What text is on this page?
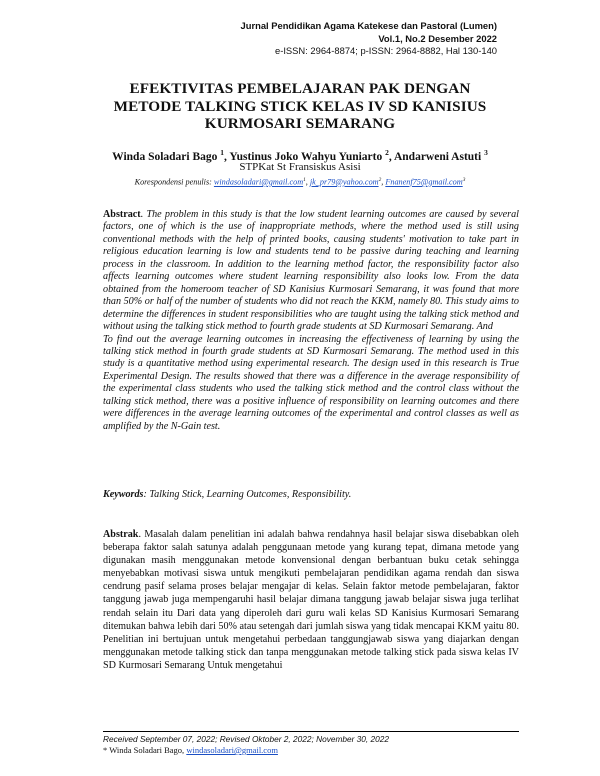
Jurnal Pendidikan Agama Katekese dan Pastoral (Lumen)
Vol.1, No.2 Desember 2022
e-ISSN: 2964-8874; p-ISSN: 2964-8882, Hal 130-140
EFEKTIVITAS PEMBELAJARAN PAK DENGAN
METODE TALKING STICK KELAS IV SD KANISIUS
KURMOSARI SEMARANG
Winda Soladari Bago $^1$, Yustinus Joko Wahyu Yuniarto $^2$, Andarweni Astuti $^3$
STPKat St Fransiskus Asisi
Korespondensi penulis: windasoladari@gmail.com$^1$, jk_pr79@yahoo.com$^2$, Fnanenf75@gmail.com$^3$

Abstract. The problem in this study is that the low student learning outcomes are caused by several factors, one of which is the use of inappropriate methods, where the method used is still using conventional methods with the help of printed books, causing students' motivation to take part in religious education learning is low and students tend to be passive during teaching and learning process in the classroom. In addition to the learning method factor, the responsibility factor also affects learning outcomes where student learning responsibility also looks low. From the data obtained from the homeroom teacher of SD Kanisius Kurmosari Semarang, it was found that more than 50% or half of the number of students who did not reach the KKM, namely 80. This study aims to determine the differences in student responsibilities who are taught using the talking stick method and without using the talking stick method to fourth grade students at SD Kurmosari Semarang. And

To find out the average learning outcomes in increasing the effectiveness of learning by using the talking stick method in fourth grade students at SD Kurmosari Semarang. The method used in this study is a quantitative method using experimental research. The design used in this research is True Experimental Design. The results showed that there was a difference in the average responsibility of the experimental class students who used the talking stick method and the control class without the talking stick method, there was a positive influence of responsibility on learning outcomes and there were differences in the average learning outcomes of the experimental and control classes as well as amplified by the N-Gain test.

Keywords: Talking Stick, Learning Outcomes, Responsibility.

Abstrak. Masalah dalam penelitian ini adalah bahwa rendahnya hasil belajar siswa disebabkan oleh beberapa faktor salah satunya adalah penggunaan metode yang kurang tepat, dimana metode yang digunakan masih menggunakan metode konvensional dengan berbantuan buku cetak sehingga menyebabkan motivasi siswa untuk mengikuti pembelajaran pendidikan agama rendah dan siswa cendrung pasif selama proses belajar mengajar di kelas. Selain faktor metode pembelajaran, faktor tanggung jawab juga mempengaruhi hasil belajar dimana tanggung jawab belajar siswa juga terlihat rendah selain itu Dari data yang diperoleh dari guru wali kelas SD Kanisius Kurmosari Semarang ditemukan bahwa lebih dari 50% atau setengah dari jumlah siswa yang tidak mencapai KKM yaitu 80. Penelitian ini bertujuan untuk mengetahui perbedaan tanggungjawab siswa yang diajarkan dengan menggunakan metode talking stick dan tanpa menggunakan metode talking stick pada siswa kelas IV SD Kurmosari Semarang Untuk mengetahui

Received September 07, 2022; Revised Oktober 2, 2022; November 30, 2022
* Winda Soladari Bago, windasoladari@gmail.com
